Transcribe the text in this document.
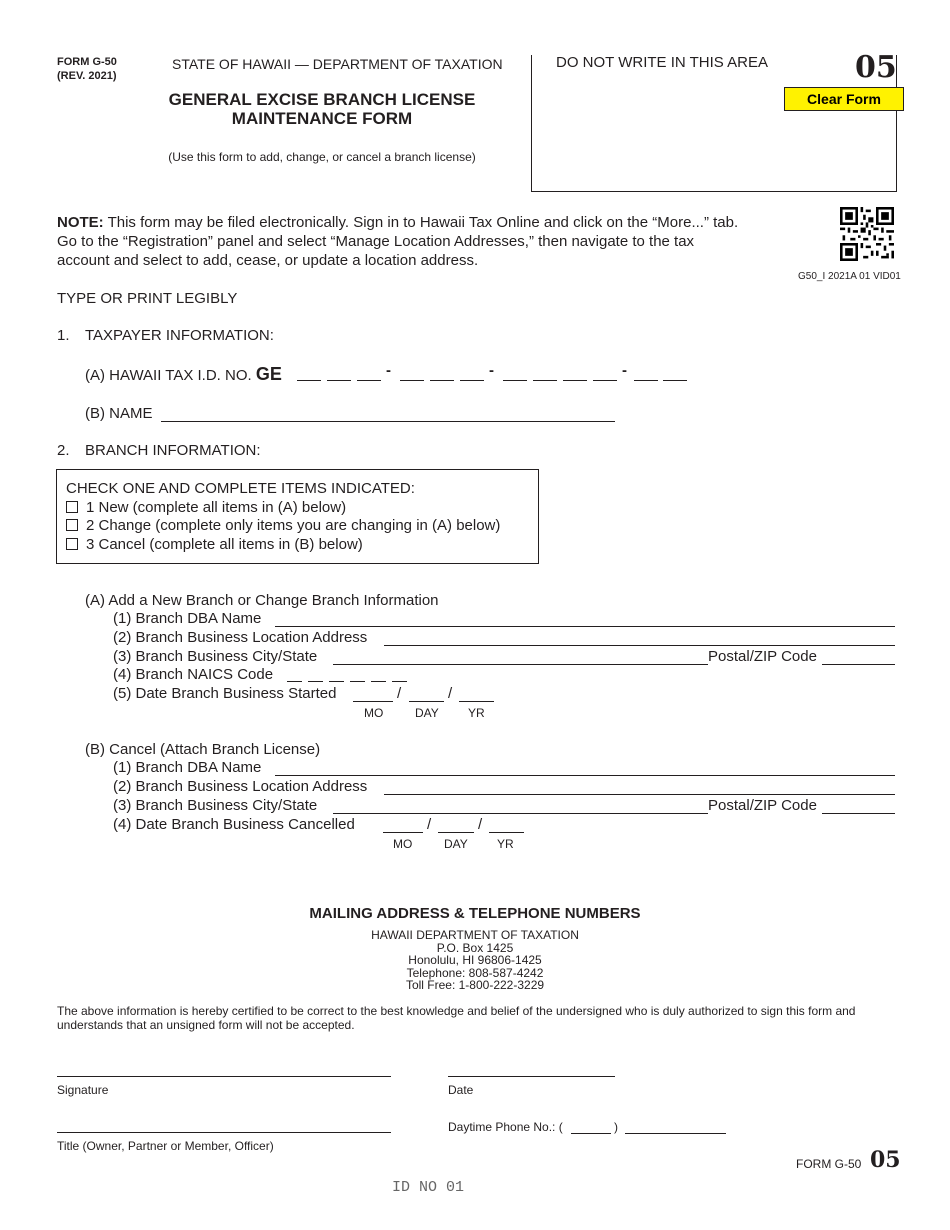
FORM G-50
(REV. 2021)
STATE OF HAWAII — DEPARTMENT OF TAXATION
GENERAL EXCISE BRANCH LICENSE
MAINTENANCE FORM
(Use this form to add, change, or cancel a branch license)
DO NOT WRITE IN THIS AREA	05
Clear Form
NOTE: This form may be filed electronically. Sign in to Hawaii Tax Online and click on the “More...” tab.
Go to the “Registration” panel and select “Manage Location Addresses,” then navigate to the tax
account and select to add, cease, or update a location address.
G50_I 2021A 01 VID01
TYPE OR PRINT LEGIBLY
1. TAXPAYER INFORMATION:
(A) HAWAII TAX I.D. NO. GE	-	-	-
(B) NAME
2. BRANCH INFORMATION:
CHECK ONE AND COMPLETE ITEMS INDICATED:
1 New (complete all items in (A) below)
2 Change (complete only items you are changing in (A) below)
3 Cancel (complete all items in (B) below)
(A) Add a New Branch or Change Branch Information
(1) Branch DBA Name
(2) Branch Business Location Address
(3) Branch Business City/State	Postal/ZIP Code
(4) Branch NAICS Code
(5) Date Branch Business Started	/	/
MO	DAY YR
(B) Cancel (Attach Branch License)
(1) Branch DBA Name
(2) Branch Business Location Address
(3) Branch Business City/State	Postal/ZIP Code
(4) Date Branch Business Cancelled	/	/
MO	DAY YR
MAILING ADDRESS & TELEPHONE NUMBERS
HAWAII DEPARTMENT OF TAXATION
P.O. Box 1425
Honolulu, HI 96806-1425
Telephone: 808-587-4242
Toll Free: 1-800-222-3229
The above information is hereby certified to be correct to the best knowledge and belief of the undersigned who is duly authorized to sign this form and
understands that an unsigned form will not be accepted.
Signature	Date
Daytime Phone No.: (	)
Title (Owner, Partner or Member, Officer)
FORM G-50 05
ID NO 01
